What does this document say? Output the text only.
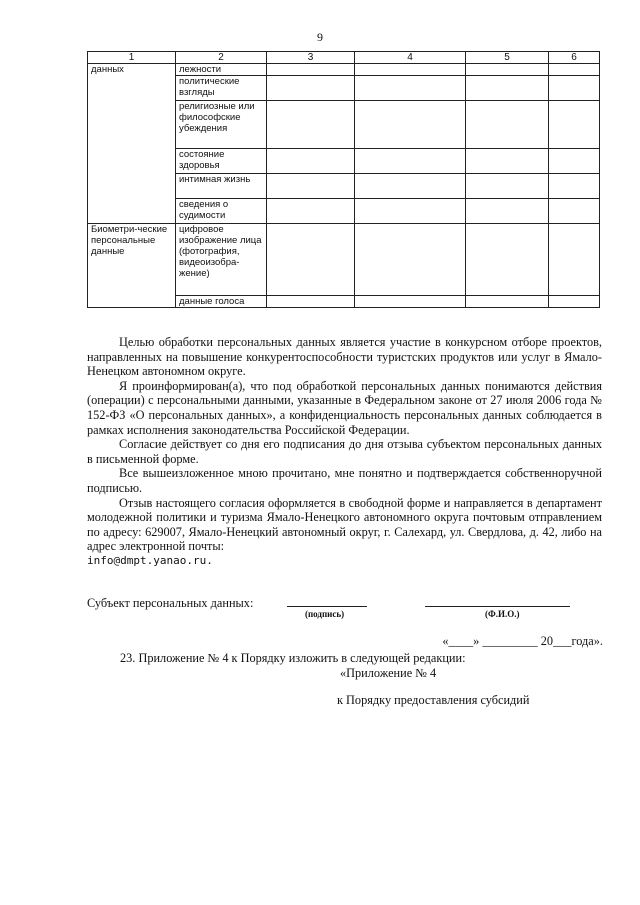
9
1	2	3	4	5	6
данных	лежности				
	политические взгляды				
	религиозные или философские убеждения				
	состояние здоровья				
	интимная жизнь				
	сведения о судимости				
Биометри-ческие персональные данные	цифровое изображение лица (фотография, видеоизобра-жение)				
	данные голоса				

Целью обработки персональных данных является участие в конкурсном отборе проектов, направленных на повышение конкурентоспособности туристских продуктов или услуг в Ямало-Ненецком автономном округе.

Я проинформирован(а), что под обработкой персональных данных понимаются действия (операции) с персональными данными, указанные в Федеральном законе от 27 июля 2006 года № 152-ФЗ «О персональных данных», а конфиденциальность персональных данных соблюдается в рамках исполнения законодательства Российской Федерации.

Согласие действует со дня его подписания до дня отзыва субъектом персональных данных в письменной форме.

Все вышеизложенное мною прочитано, мне понятно и подтверждается собственноручной подписью.

Отзыв настоящего согласия оформляется в свободной форме и направляется в департамент молодежной политики и туризма Ямало-Ненецкого автономного округа почтовым отправлением по адресу: 629007, Ямало-Ненецкий автономный округ, г. Салехард, ул. Свердлова, д. 42, либо на адрес электронной почты:

info@dmpt.yanao.ru.
Субъект персональных данных:
(подпись)	(Ф.И.О.)
«____» _________ 20___года».
23. Приложение № 4 к Порядку изложить в следующей редакции:
«Приложение № 4
к Порядку предоставления субсидий
